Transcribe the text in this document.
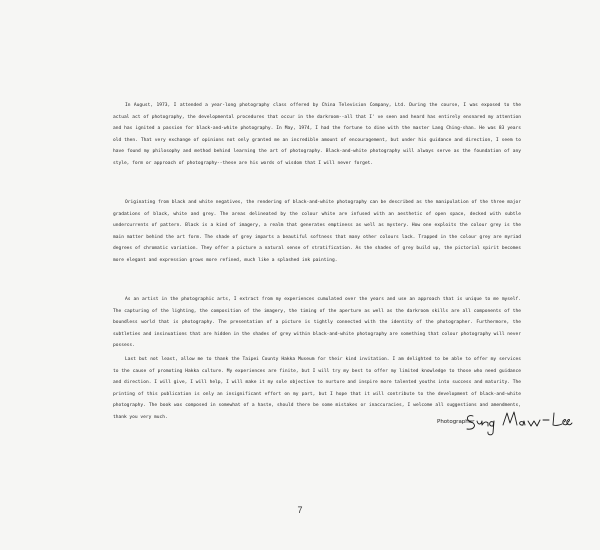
In August, 1973, I attended a year-long photography class offered by China Television Company, Ltd. During the course, I was exposed to the actual act of photography, the developmental procedures that occur in the darkroom--all that I' ve seen and heard has entirely ensnared my attention and has ignited a passion for black-and-white photography. In May, 1974, I had the fortune to dine with the master Lang Ching-shan. He was 83 years old then. That very exchange of opinions not only granted me an incredible amount of encouragement, but under his guidance and direction, I seem to have found my philosophy and method behind learning the art of photography. Black-and-white photography will always serve as the foundation of any style, form or approach of photography--these are his words of wisdom that I will never forget.

Originating from black and white negatives, the rendering of black-and-white photography can be described as the manipulation of the three major gradations of black, white and grey. The areas delineated by the colour white are infused with an aesthetic of open space, decked with subtle undercurrents of pattern. Black is a kind of imagery, a realm that generates emptiness as well as mystery. How one exploits the colour grey is the main matter behind the art form. The shade of grey imparts a beautiful softness that many other colours lack. Trapped in the colour grey are myriad degrees of chromatic variation. They offer a picture a natural sense of stratification. As the shades of grey build up, the pictorial spirit becomes more elegant and expression grows more refined, much like a splashed ink painting.

As an artist in the photographic arts, I extract from my experiences cumulated over the years and use an approach that is unique to me myself. The capturing of the lighting, the composition of the imagery, the timing of the aperture as well as the darkroom skills are all components of the boundless world that is photography. The presentation of a picture is tightly connected with the identity of the photographer. Furthermore, the subtleties and insinuations that are hidden in the shades of grey within black-and-white photography are something that colour photography will never possess.

Last but not least, allow me to thank the Taipei County Hakka Museum for their kind invitation. I am delighted to be able to offer my services to the cause of promoting Hakka culture. My experiences are finite, but I will try my best to offer my limited knowledge to those who need guidance and direction. I will give, I will help, I will make it my sole objective to nurture and inspire more talented youths into success and maturity. The printing of this publication is only an insignificant effort on my part, but I hope that it will contribute to the development of black-and-white photography. The book was composed in somewhat of a haste, should there be some mistakes or inaccuracies, I welcome all suggestions and amendments, thank you very much.

Photographer
7
